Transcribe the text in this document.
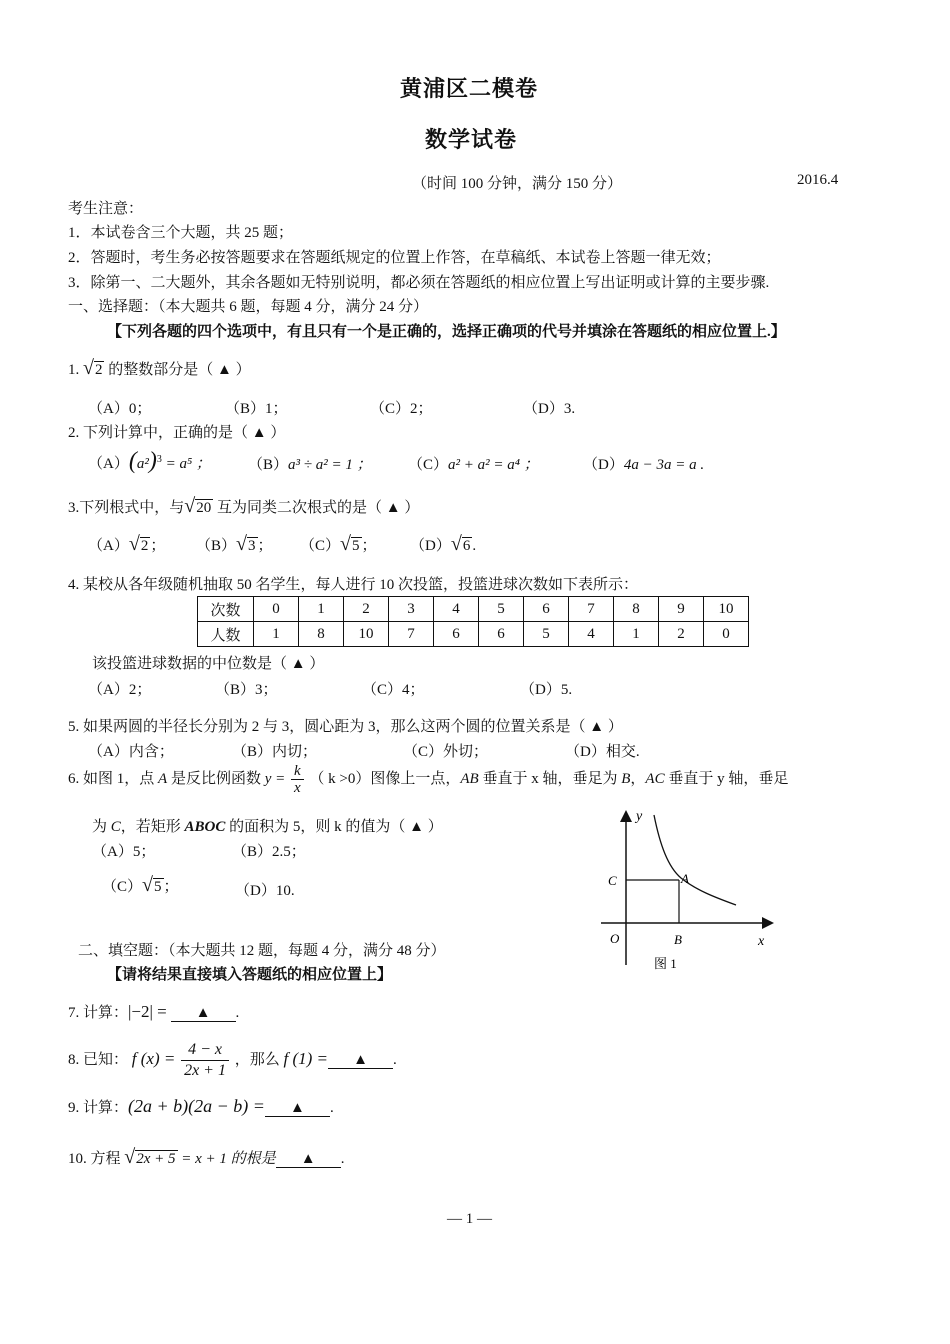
黄浦区二模卷
数学试卷
（时间 100 分钟，满分 150 分）	2016.4
考生注意：
1．本试卷含三个大题，共 25 题；
2．答题时，考生务必按答题要求在答题纸规定的位置上作答，在草稿纸、本试卷上答题一律无效；
3．除第一、二大题外，其余各题如无特别说明，都必须在答题纸的相应位置上写出证明或计算的主要步骤.
一、选择题：（本大题共 6 题，每题 4 分，满分 24 分）
【下列各题的四个选项中，有且只有一个是正确的，选择正确项的代号并填涂在答题纸的相应位置上.】
1. √2 的整数部分是（ ▲ ）
（A）0；	（B）1；	（C）2；	（D）3.
2. 下列计算中，正确的是（ ▲ ）
$(A)(a^2)^3 = a^5$ ； （B）a³ ÷ a² = 1 ； （C）a² + a² = a⁴ ；	（D）4a − 3a = a .
3.下列根式中，与√20 互为同类二次根式的是（ ▲ ）
（A）√2 ； （B）√3 ； （C）√5 ； （D）√6 .
4. 某校从各年级随机抽取 50 名学生，每人进行 10 次投篮，投篮进球次数如下表所示：
次数	0	1	2	3	4	5	6	7	8	9	10
人数	1	8	10	7	6	6	5	4	1	2	0
该投篮进球数据的中位数是（ ▲ ）
（A）2；	（B）3；	（C）4；	（D）5.
5. 如果两圆的半径长分别为 2 与 3，圆心距为 3，那么这两个圆的位置关系是（ ▲ ）
（A）内含；	（B）内切；	（C）外切；	（D）相交.
6. 如图 1，点 A 是反比例函数 $y = \frac{k}{x}$ （ k >0）图像上一点，AB 垂直于 x 轴，垂足为 B，AC 垂直于 y 轴，垂足
为 C，若矩形 ABOC 的面积为 5，则 k 的值为（ ▲ ）
（A）5；	（B）2.5；
（C）√5 ；	（D）10.
y
x
O	B
C	A
图 1
二、填空题：（本大题共 12 题，每题 4 分，满分 48 分）
【请将结果直接填入答题纸的相应位置上】
7. 计算：|−2| = ▲ .
8. 已知： f $(x) = \frac{4 - x}{2x + 1}$ ，那么 f (1) = ▲ .
9. 计算：(2a + b)(2a − b) = ▲ .
10. 方程 √2x + 5 = x + 1 的根是 ▲ .
— 1 —
